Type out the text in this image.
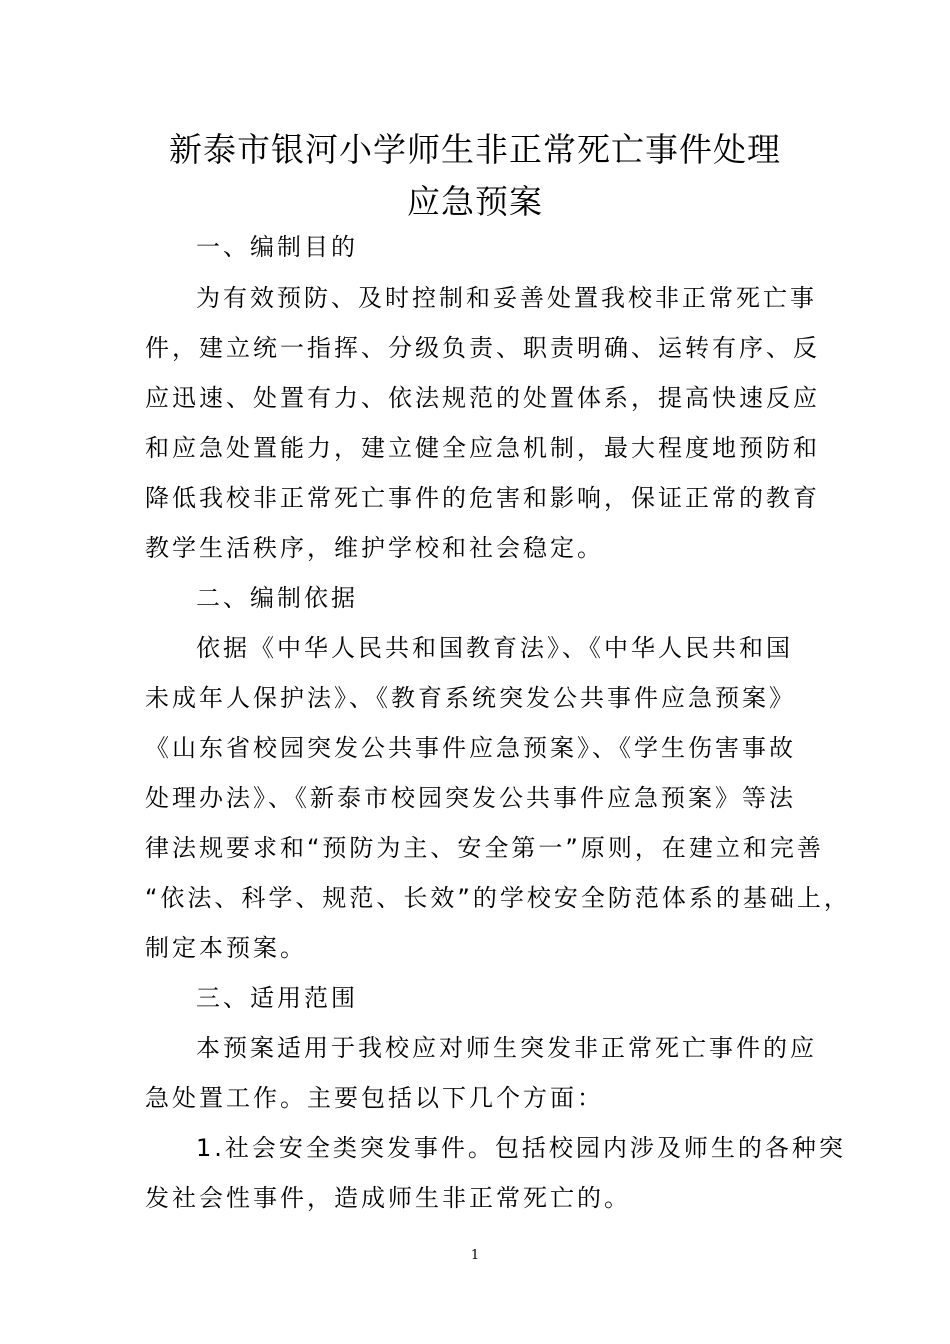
新泰市银河小学师生非正常死亡事件处理
应急预案
一、编制目的
为有效预防、及时控制和妥善处置我校非正常死亡事
件，建立统一指挥、分级负责、职责明确、运转有序、反
应迅速、处置有力、依法规范的处置体系，提高快速反应
和应急处置能力，建立健全应急机制，最大程度地预防和
降低我校非正常死亡事件的危害和影响，保证正常的教育
教学生活秩序，维护学校和社会稳定。
二、编制依据
依据《中华人民共和国教育法》、《中华人民共和国
未成年人保护法》、《教育系统突发公共事件应急预案》
《山东省校园突发公共事件应急预案》、《学生伤害事故
处理办法》、《新泰市校园突发公共事件应急预案》等法
律法规要求和“预防为主、安全第一”原则，在建立和完善
“依法、科学、规范、长效”的学校安全防范体系的基础上，
制定本预案。
三、适用范围
本预案适用于我校应对师生突发非正常死亡事件的应
急处置工作。主要包括以下几个方面：
1.社会安全类突发事件。包括校园内涉及师生的各种突
发社会性事件，造成师生非正常死亡的。
1
